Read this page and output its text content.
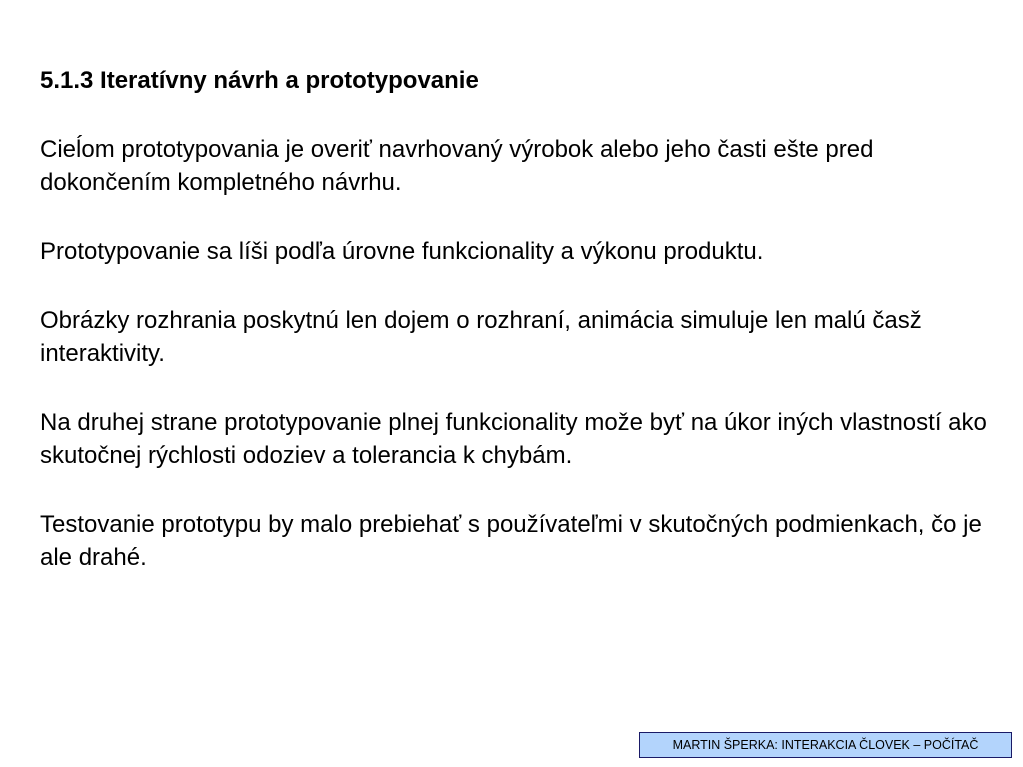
5.1.3 Iteratívny návrh a prototypovanie

Cieĺom prototypovania je overiť navrhovaný výrobok alebo jeho časti ešte pred dokončením kompletného návrhu.

Prototypovanie sa líši podľa úrovne funkcionality a výkonu produktu.

Obrázky rozhrania poskytnú len dojem o rozhraní, animácia simuluje len malú časž interaktivity.

Na druhej strane prototypovanie plnej funkcionality može byť na úkor iných vlastností ako skutočnej rýchlosti odoziev a tolerancia k chybám.

Testovanie prototypu by malo prebiehať s používateľmi v skutočných podmienkach, čo je ale drahé.

MARTIN ŠPERKA: INTERAKCIA ČLOVEK – POČÍTAČ
